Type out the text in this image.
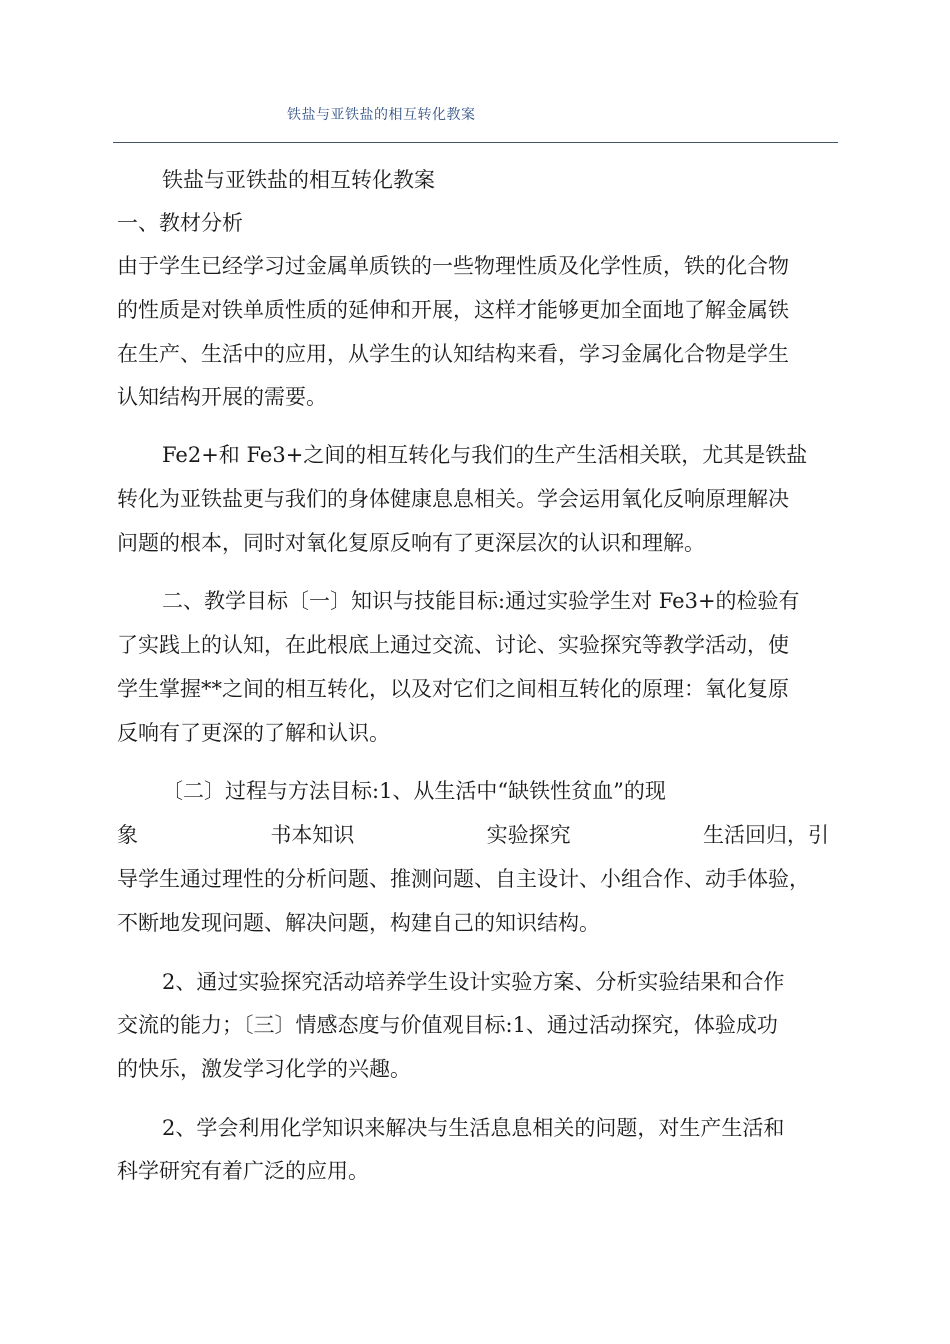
铁盐与亚铁盐的相互转化教案
铁盐与亚铁盐的相互转化教案
一、教材分析
由于学生已经学习过金属单质铁的一些物理性质及化学性质，铁的化合物
的性质是对铁单质性质的延伸和开展，这样才能够更加全面地了解金属铁
在生产、生活中的应用，从学生的认知结构来看，学习金属化合物是学生
认知结构开展的需要。
Fe2+和 Fe3+之间的相互转化与我们的生产生活相关联，尤其是铁盐
转化为亚铁盐更与我们的身体健康息息相关。学会运用氧化反响原理解决
问题的根本，同时对氧化复原反响有了更深层次的认识和理解。
二、教学目标〔一〕知识与技能目标:通过实验学生对 Fe3+的检验有
了实践上的认知，在此根底上通过交流、讨论、实验探究等教学活动，使
学生掌握**之间的相互转化，以及对它们之间相互转化的原理：氧化复原
反响有了更深的了解和认识。
〔二〕过程与方法目标:1、从生活中“缺铁性贫血”的现
象	书本知识	实验探究	生活回归，引
导学生通过理性的分析问题、推测问题、自主设计、小组合作、动手体验，
不断地发现问题、解决问题，构建自己的知识结构。
2、通过实验探究活动培养学生设计实验方案、分析实验结果和合作
交流的能力；〔三〕情感态度与价值观目标:1、通过活动探究，体验成功
的快乐，激发学习化学的兴趣。
2、学会利用化学知识来解决与生活息息相关的问题，对生产生活和
科学研究有着广泛的应用。
